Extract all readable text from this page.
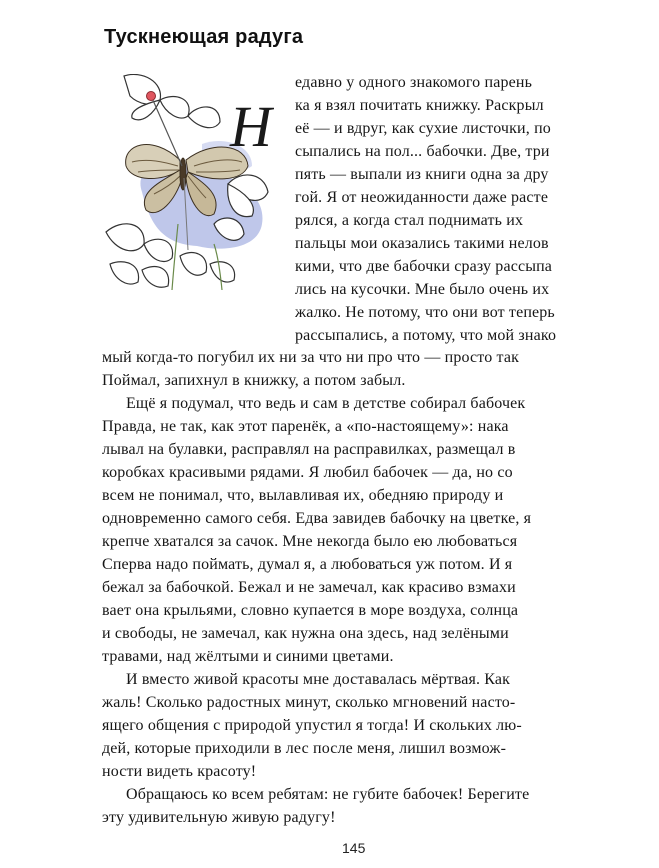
Тускнеющая радуга
Н
едавно у одного знакомого парень
ка я взял почитать книжку. Раскрыл
её — и вдруг, как сухие листочки, по
сыпались на пол... бабочки. Две, три
пять — выпали из книги одна за дру
гой. Я от неожиданности даже расте
рялся, а когда стал поднимать их
пальцы мои оказались такими нелов
кими, что две бабочки сразу рассыпа
лись на кусочки. Мне было очень их
жалко. Не потому, что они вот теперь
рассыпались, а потому, что мой знако
мый когда-то погубил их ни за что ни про что — просто так
Поймал, запихнул в книжку, а потом забыл.
Ещё я подумал, что ведь и сам в детстве собирал бабочек
Правда, не так, как этот паренёк, а «по-настоящему»: нака
лывал на булавки, расправлял на расправилках, размещал в
коробках красивыми рядами. Я любил бабочек — да, но со
всем не понимал, что, вылавливая их, обедняю природу и
одновременно самого себя. Едва завидев бабочку на цветке, я
крепче хватался за сачок. Мне некогда было ею любоваться
Сперва надо поймать, думал я, а любоваться уж потом. И я
бежал за бабочкой. Бежал и не замечал, как красиво взмахи
вает она крыльями, словно купается в море воздуха, солнца
и свободы, не замечал, как нужна она здесь, над зелёными
травами, над жёлтыми и синими цветами.
И вместо живой красоты мне доставалась мёртвая. Как
жаль! Сколько радостных минут, сколько мгновений насто-
ящего общения с природой упустил я тогда! И скольких лю-
дей, которые приходили в лес после меня, лишил возмож-
ности видеть красоту!
Обращаюсь ко всем ребятам: не губите бабочек! Берегите
эту удивительную живую радугу!
145
